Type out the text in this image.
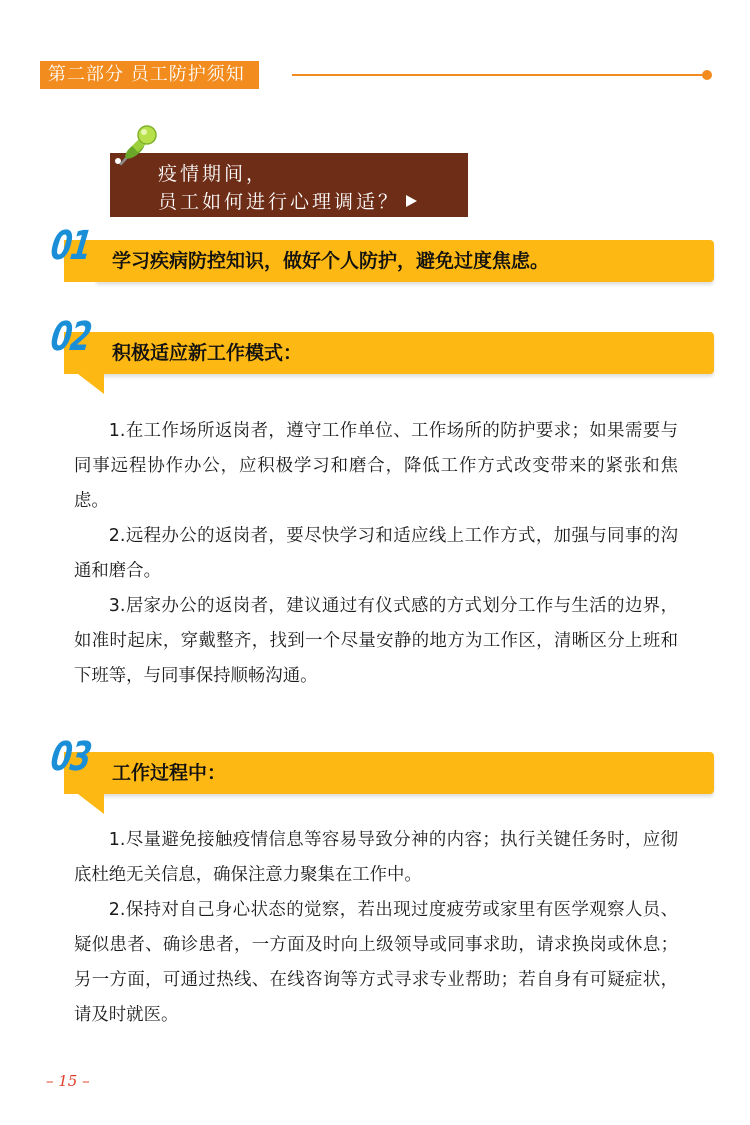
第二部分 员工防护须知
疫情期间，
员工如何进行心理调适？
学习疾病防控知识，做好个人防护，避免过度焦虑。
01
积极适应新工作模式：
02

1.在工作场所返岗者，遵守工作单位、工作场所的防护要求；如果需要与同事远程协作办公，应积极学习和磨合，降低工作方式改变带来的紧张和焦虑。

2.远程办公的返岗者，要尽快学习和适应线上工作方式，加强与同事的沟通和磨合。

3.居家办公的返岗者，建议通过有仪式感的方式划分工作与生活的边界，如准时起床，穿戴整齐，找到一个尽量安静的地方为工作区，清晰区分上班和下班等，与同事保持顺畅沟通。

工作过程中：
03

1.尽量避免接触疫情信息等容易导致分神的内容；执行关键任务时，应彻底杜绝无关信息，确保注意力聚集在工作中。

2.保持对自己身心状态的觉察，若出现过度疲劳或家里有医学观察人员、疑似患者、确诊患者，一方面及时向上级领导或同事求助，请求换岗或休息；另一方面，可通过热线、在线咨询等方式寻求专业帮助；若自身有可疑症状，请及时就医。

– 15 –
